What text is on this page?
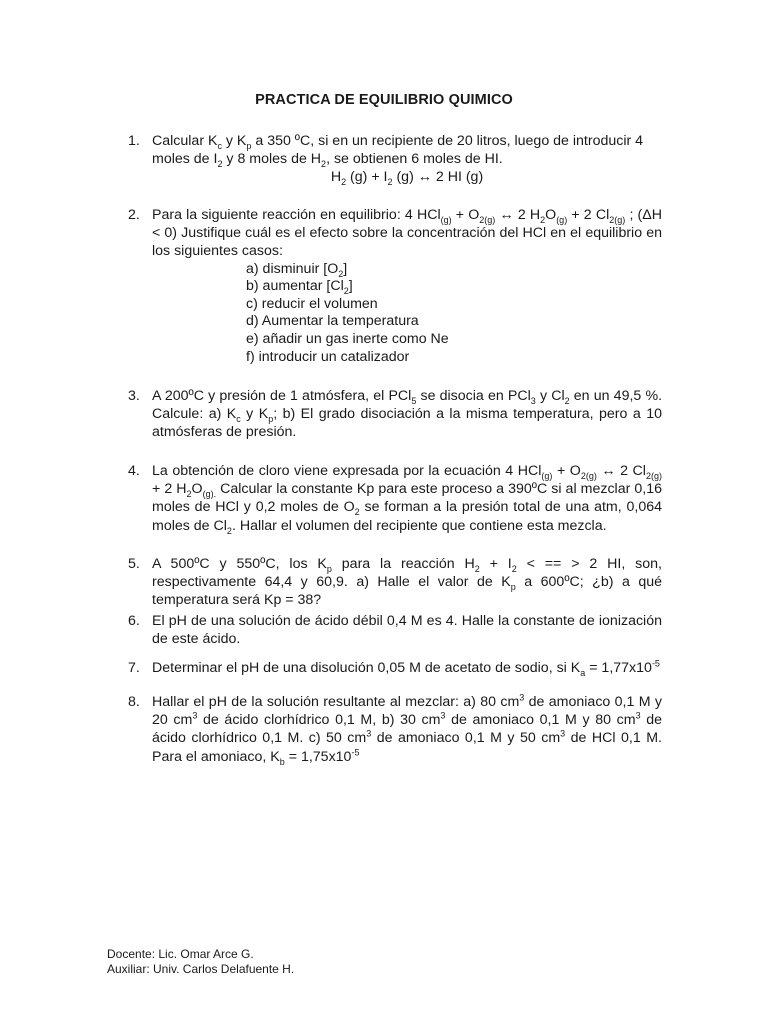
PRACTICA DE EQUILIBRIO QUIMICO
1. Calcular $K_c$ y $K_p$ a 350 ºC, si en un recipiente de 20 litros, luego de introducir 4 moles de $I_2$ y 8 moles de $H_2$, se obtienen 6 moles de HI.
$H_2$ $(g) + I_2$ (g) ↔ 2 HI (g)
2. Para la siguiente reacción en equilibrio: 4 $HCl_{(g)} + O_{2(g)}$ ↔ 2 $H_2O_{(g)} + 2$ $Cl_{2(g)}$ ; (ΔH < 0) Justifique cuál es el efecto sobre la concentración del HCl en el equilibrio en los siguientes casos:
a) disminuir $[O_2]$
b) aumentar $[Cl_2]$
c) reducir el volumen
d) Aumentar la temperatura
e) añadir un gas inerte como Ne
f) introducir un catalizador
3. A 200ºC y presión de 1 atmósfera, el PCl$_5$ se disocia en PCl$_3$ y $Cl_2$ en un 49,5 %. Calcule: a) $K_c$ y $K_p$; b) El grado disociación a la misma temperatura, pero a 10 atmósferas de presión.
4. La obtención de cloro viene expresada por la ecuación 4 $HCl_{(g)} + O_{2(g)}$ ↔ 2 $Cl_{2(g)} + 2$ $H_2O_{(g).}$ Calcular la constante Kp para este proceso a 390ºC si al mezclar 0,16 moles de HCl y 0,2 moles de $O_2$ se forman a la presión total de una atm, 0,064 moles de $Cl_2$. Hallar el volumen del recipiente que contiene esta mezcla.
5. A 500ºC y 550ºC, los $K_p$ para la reacción $H_2 + I_2$ < == > 2 HI, son, respectivamente 64,4 y 60,9. a) Halle el valor de $K_p$ a 600ºC; ¿b) a qué temperatura será Kp = 38?
6. El pH de una solución de ácido débil 0,4 M es 4. Halle la constante de ionización de este ácido.
7. Determinar el pH de una disolución 0,05 M de acetato de sodio, si $K_a = 1,77x10^{-5}$
8. Hallar el pH de la solución resultante al mezclar: a) 80 $cm^3$ de amoniaco 0,1 M y 20 $cm^3$ de ácido clorhídrico 0,1 M, b) 30 $cm^3$ de amoniaco 0,1 M y 80 $cm^3$ de ácido clorhídrico 0,1 M. c) 50 $cm^3$ de amoniaco 0,1 M y 50 $cm^3$ de HCl 0,1 M. Para el amoniaco, $K_b = 1,75x10^{-5}$
Docente: Lic. Omar Arce G.
Auxiliar: Univ. Carlos Delafuente H.
